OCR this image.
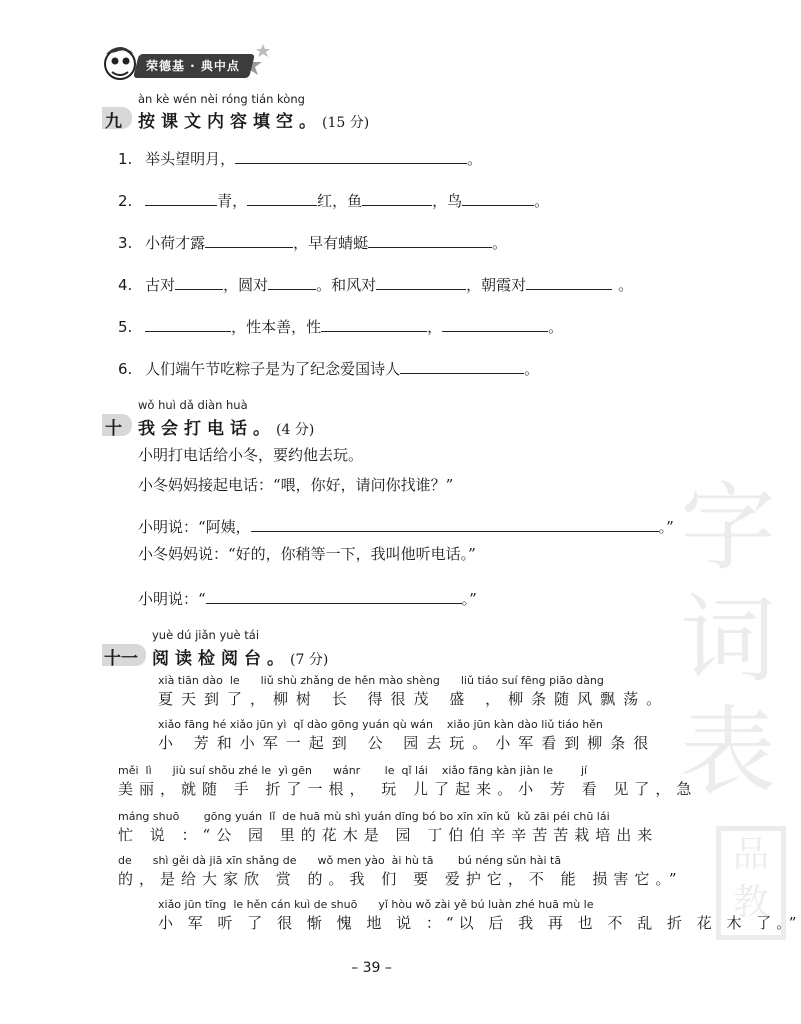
荣德基 · 典中点
字
词
表
品教
àn kè wén nèi róng tián kòng
九 按课文内容填空。 (15 分)
1. 举头望明月，	。
2.	青，	红，鱼	，鸟	。
3. 小荷才露	，早有蜻蜓	。
4. 古对	，圆对	。和风对	，朝霞对	。
5.	，性本善，性	，	。
6. 人们端午节吃粽子是为了纪念爱国诗人	。
wǒ huì dǎ diàn huà
十 我会打电话。 (4 分)
小明打电话给小冬，要约他去玩。
小冬妈妈接起电话：“喂，你好，请问你找谁？”
小明说：“阿姨，	。”
小冬妈妈说：“好的，你稍等一下，我叫他听电话。”
小明说：“	。”
yuè dú jiǎn yuè tái
十一 阅读检阅台。 (7 分)
xià tiān dào  le      liǔ shù zhǎng de hěn mào shèng      liǔ tiáo suí fēng piāo dàng
夏天到了，柳树 长 得很茂 盛 ，柳条随风飘荡。
xiǎo fāng hé xiǎo jūn yì  qǐ dào gōng yuán qù wán    xiǎo jūn kàn dào liǔ tiáo hěn
小 芳和小军一起到 公 园去玩。小军看到柳条很
měi  lì      jiù suí shǒu zhé le  yì gēn      wánr       le  qǐ lái    xiǎo fāng kàn jiàn le        jí
美丽，就随 手 折了一根， 玩 儿了起来。小 芳 看 见了，急
máng shuō       gōng yuán  lǐ  de huā mù shì yuán dīng bó bo xīn xīn kǔ  kǔ zāi péi chū lái
忙 说 ：“公 园 里的花木是 园 丁伯伯辛辛苦苦栽培出来
de      shì gěi dà jiā xīn shǎng de      wǒ men yào  ài hù tā       bú néng sǔn hài tā
的，是给大家欣 赏 的。我 们 要 爱护它，不 能 损害它。”
xiǎo jūn tīng  le hěn cán kuì de shuō      yǐ hòu wǒ zài yě bú luàn zhé huā mù le
小 军 听 了 很 惭 愧 地 说 ：“以 后 我 再 也 不 乱 折 花 木 了。”
– 39 –
